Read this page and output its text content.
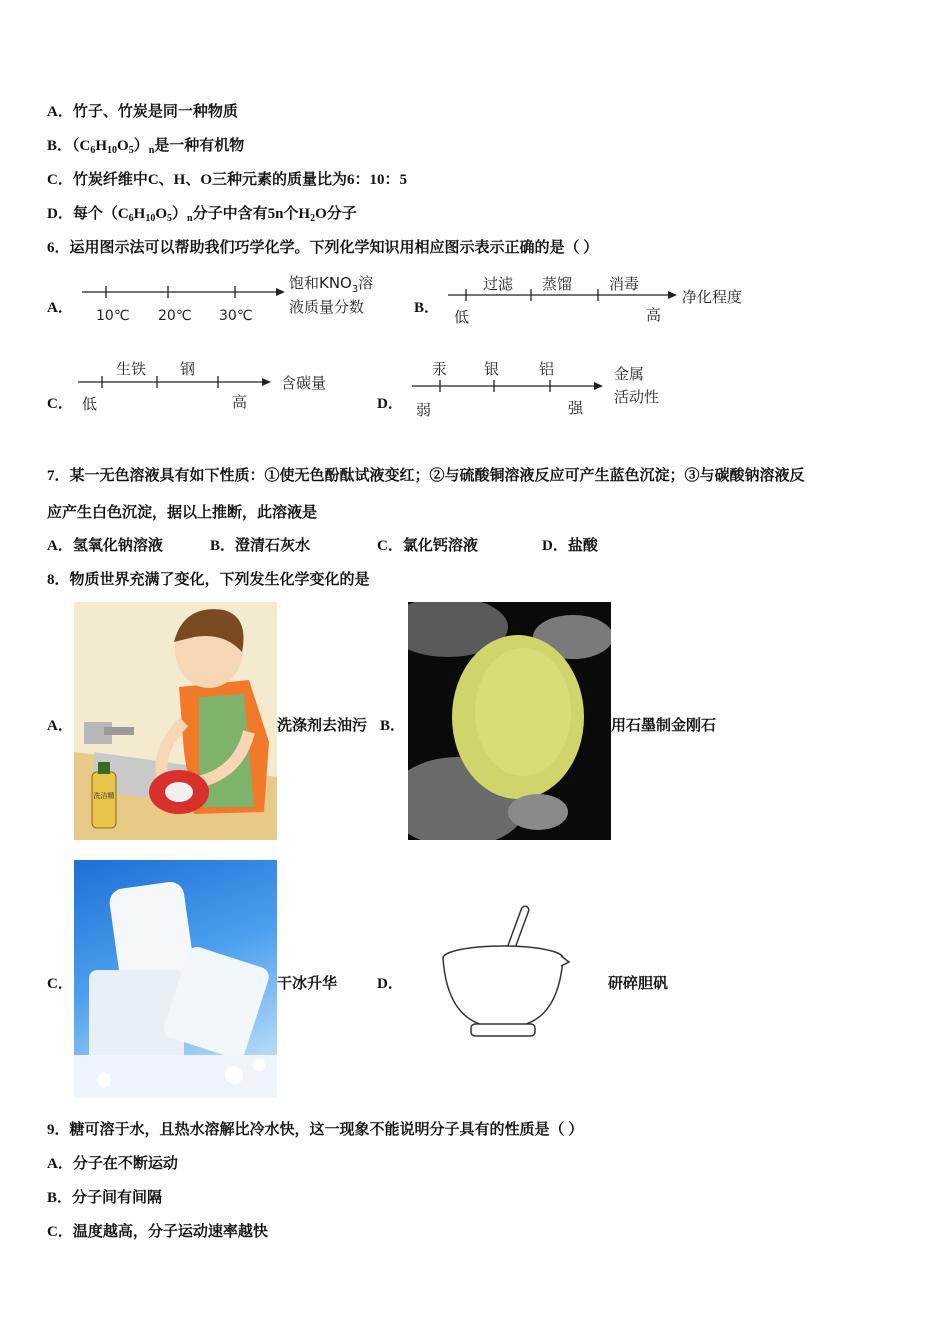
A．竹子、竹炭是同一种物质
B．$(C_6H_{10}O_5)_n$是一种有机物
C．竹炭纤维中C、H、O三种元素的质量比为6：10：5
D．每个$(C_6H_{10}O_5)_n$分子中含有5n个$H_2O$分子
6．运用图示法可以帮助我们巧学化学。下列化学知识用相应图示表示正确的是（ ）
A． 10℃ 20℃ 30℃
饱和$KNO_3$溶
液质量分数	B．
过滤 蒸馏 消毒
低	高
净化程度
C．
生铁 钢
低	高
含碳量
D．
汞 银	铝
弱	强
金属
活动性
7．某一无色溶液具有如下性质：①使无色酚酞试液变红；②与硫酸铜溶液反应可产生蓝色沉淀；③与碳酸钠溶液反
应产生白色沉淀，据以上推断，此溶液是
A．氢氧化钠溶液	B．澄清石灰水	C．氯化钙溶液	D．盐酸
8．物质世界充满了变化，下列发生化学变化的是
A．
洗洁精
洗涤剂去油污 B．	用石墨制金刚石
C．	干冰升华	D．	研碎胆矾
9．糖可溶于水，且热水溶解比冷水快，这一现象不能说明分子具有的性质是（ ）
A．分子在不断运动
B．分子间有间隔
C．温度越高，分子运动速率越快
